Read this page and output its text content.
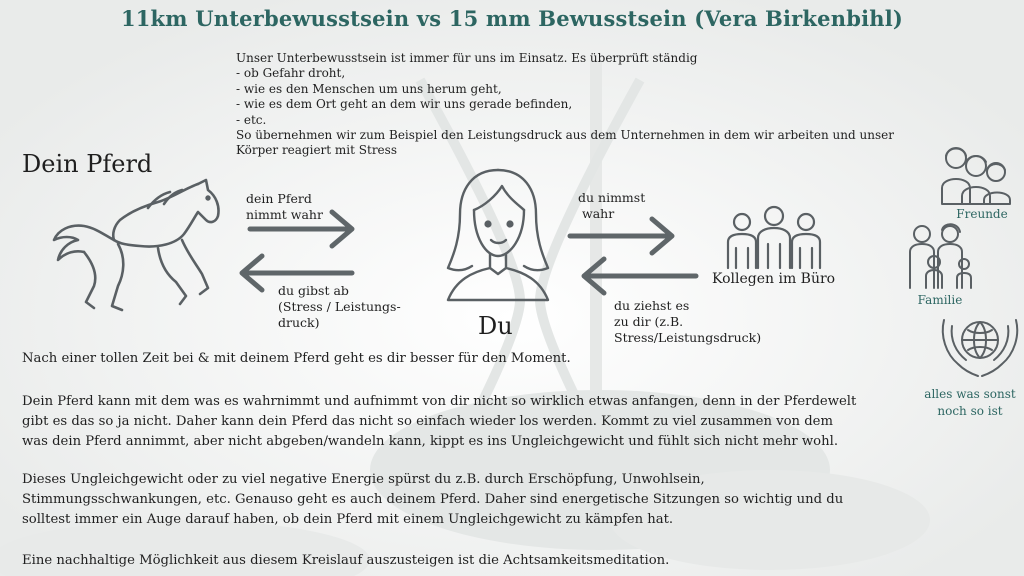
11km Unterbewusstsein vs 15 mm Bewusstsein (Vera Birkenbihl)

Unser Unterbewusstsein ist immer für uns im Einsatz. Es überprüft ständig

- ob Gefahr droht,
- wie es den Menschen um uns herum geht,
- wie es dem Ort geht an dem wir uns gerade befinden,
- etc.

So übernehmen wir zum Beispiel den Leistungsdruck aus dem Unternehmen in dem wir arbeiten und unser Körper reagiert mit Stress

Dein Pferd
dein Pferd
nimmt wahr
du gibst ab
(Stress / Leistungs-
druck)	Du
du nimmst
wahr
du ziehst es
zu dir (z.B.
Stress/Leistungsdruck)
Kollegen im Büro
Freunde
Familie
alles was sonst
noch so ist

Nach einer tollen Zeit bei & mit deinem Pferd geht es dir besser für den Moment.

Dein Pferd kann mit dem was es wahrnimmt und aufnimmt von dir nicht so wirklich etwas anfangen, denn in der Pferdewelt gibt es das so ja nicht. Daher kann dein Pferd das nicht so einfach wieder los werden. Kommt zu viel zusammen von dem was dein Pferd annimmt, aber nicht abgeben/wandeln kann, kippt es ins Ungleichgewicht und fühlt sich nicht mehr wohl.

Dieses Ungleichgewicht oder zu viel negative Energie spürst du z.B. durch Erschöpfung, Unwohlsein, Stimmungsschwankungen, etc. Genauso geht es auch deinem Pferd. Daher sind energetische Sitzungen so wichtig und du solltest immer ein Auge darauf haben, ob dein Pferd mit einem Ungleichgewicht zu kämpfen hat.

Eine nachhaltige Möglichkeit aus diesem Kreislauf auszusteigen ist die Achtsamkeitsmeditation.
